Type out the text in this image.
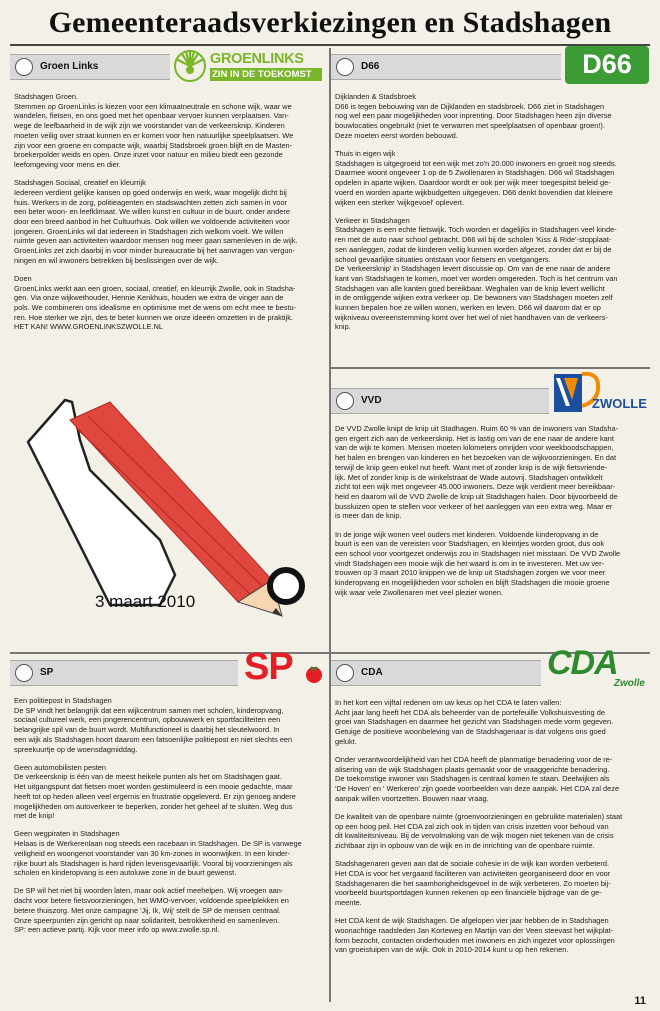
Gemeenteraadsverkiezingen en Stadshagen
Groen Links	GROENLINKS
ZIN IN DE TOEKOMST

Stadshagen Groen.
Stemmen op GroenLinks is kiezen voor een klimaatneutrale en schone wijk, waar we
wandelen, fietsen, en ons goed met het openbaar vervoer kunnen verplaatsen. Van-
wege de leefbaarheid in de wijk zijn we voorstander van de verkeersknip. Kinderen
moeten veilig over straat kunnen en er komen voor hen natuurlijke speelplaatsen. We
zijn voor een groene en compacte wijk, waarbij Stadsbroek groen blijft en de Masten-
broekerpolder weids en open. Onze inzet voor natuur en milieu biedt een gezonde
leefomgeving voor mens en dier.

Stadshagen Sociaal, creatief en kleurrijk
Iedereen verdient gelijke kansen op goed onderwijs en werk, waar mogelijk dicht bij
huis. Werkers in de zorg, politieagenten en stadswachten zetten zich samen in voor
een beter woon- en leefklimaat. We willen kunst en cultuur in de buurt, onder andere
door een breed aanbod in het Cultuurhuis. Ook willen we voldoende activiteiten voor
jongeren. GroenLinks wil dat iedereen in Stadshagen zich welkom voelt. We willen
ruimte geven aan activiteiten waardoor mensen nog meer gaan samenleven in de wijk.
GroenLinks zet zich daarbij in voor minder bureaucratie bij het aanvragen van vergun-
ningen en wil inwoners betrekken bij beslissingen over de wijk.

Doen
GroenLinks werkt aan een groen, sociaal, creatief, en kleurrijk Zwolle, ook in Stadsha-
gen. Via onze wijkwethouder, Hennie Kenkhuis, houden we extra de vinger aan de
pols. We combineren ons idealisme en optimisme met de wens om echt mee te bestu-
ren. Hoe sterker we zijn, des te beter kunnen we onze ideeën omzetten in de praktijk.
HET KAN! WWW.GROENLINKSZWOLLE.NL

D66	D66

Dijklanden & Stadsbroek
D66 is tegen bebouwing van de Dijklanden en stadsbroek. D66 ziet in Stadshagen
nog wel een paar mogelijkheden voor inprenting. Door Stadshagen heen zijn diverse
bouwlocaties ongebruikt (niet te verwarren met speelplaatsen of openbaar groen!).
Deze moeten eerst worden bebouwd.

Thuis in eigen wijk
Stadshagen is uitgegroeid tot een wijk met zo'n 20.000 inwoners en groeit nog steeds.
Daarmee woont ongeveer 1 op de 5 Zwollenaren in Stadshagen. D66 wil Stadshagen
opdelen in aparte wijken. Daardoor wordt er ook per wijk meer toegespitst beleid ge-
voerd en worden aparte wijkbudgetten uitgegeven. D66 denkt bovendien dat kleinere
wijken een sterker 'wijkgevoel' oplevert.

Verkeer in Stadshagen
Stadshagen is een echte fietswijk. Toch worden er dagelijks in Stadshagen veel kinde-
ren met de auto naar school gebracht. D66 wil bij de scholen 'Kiss & Ride'-stopplaat-
sen aanleggen, zodat de kinderen veilig kunnen worden afgezet, zonder dat er bij de
school gevaarlijke situaties ontstaan voor fietsers en voetgangers.
De 'verkeersknip' in Stadshagen levert discussie op. Om van de ene naar de andere
kant van Stadshagen te komen, moet ver worden omgereden. Toch is het centrum van
Stadshagen van alle kanten goed bereikbaar. Weghalen van de knip levert wellicht
in de omliggende wijken extra verkeer op. De bewoners van Stadshagen moeten zelf
kunnen bepalen hoe ze willen wonen, werken en leven. D66 wil daarom dat er op
wijkniveau overeenstemming komt over het wel of niet handhaven van de verkeers-
knip.

3 maart 2010
VVD	ZWOLLE

De VVD Zwolle knipt de knip uit Stadhagen. Ruim 60 % van de inwoners van Stadsha-
gen ergert zich aan de verkeersknip. Het is lastig om van de ene naar de andere kant
van de wijk te komen. Mensen moeten kilometers omrijden voor weekboodschappen,
het halen en brengen van kinderen en het bezoeken van de wijkvoorzieningen. En dat
terwijl de knip geen enkel nut heeft. Want met of zonder knip is de wijk fietsvriende-
lijk. Met of zonder knip is de winkelstraat de Wade autovrij. Stadshagen ontwikkelt
zicht tot een wijk met ongeveer 45.000 inwoners. Deze wijk verdient meer bereikbaar-
heid en daarom wil de VVD Zwolle de knip uit Stadshagen halen. Door bijvoorbeeld de
bussluizen open te stellen voor verkeer of het aanleggen van een extra weg. Maar er
is meer dan de knip.

In de jonge wijk wonen veel ouders met kinderen. Voldoende kinderopvang in de
buurt is een van de vereisten voor Stadshagen, en kleintjes worden groot, dus ook
een school voor voortgezet onderwijs zou in Stadshagen niet misstaan. De VVD Zwolle
vindt Stadshagen een mooie wijk die het waard is om in te investeren. Met uw ver-
trouwen op 3 maart 2010 knippen we de knip uit Stadshagen zorgen we voor meer
kinderopvang en mogelijkheden voor scholen en blijft Stadshagen die mooie groene
wijk waar vele Zwollenaren met veel plezier wonen.

SP	SP

Een politiepost in Stadshagen
De SP vindt het belangrijk dat een wijkcentrum samen met scholen, kinderopvang,
sociaal cultureel werk, een jongerencentrum, opbouwwerk en sportfaciliteiten een
belangrijke spil van de buurt wordt. Multifunctioneel is daarbij het sleutelwoord. In
een wijk als Stadshagen hoort daarom een fatsoenlijke politiepost en niet slechts een
spreekuurtje op de woensdagmiddag.

Geen automobilisten pesten
De verkeersknip is één van de meest heikele punten als het om Stadshagen gaat.
Het uitgangspunt dat fietsen moet worden gestimuleerd is een mooie gedachte, maar
heeft tot op heden alleen veel ergernis en frustratie opgeleverd. Er zijn genoeg andere
mogelijkheden om autoverkeer te beperken, zonder het geheel af te sluiten. Weg dus
met de knip!

Geen wegpiraten in Stadshagen
Helaas is de Werkerenlaan nog steeds een racebaan in Stadshagen. De SP is vanwege
veiligheid en woongenot voorstander van 30 km-zones in woonwijken. In een kinder-
rijke buurt als Stadshagen is hard rijden levensgevaarlijk. Vooral bij voorzieningen als
scholen en kinderopvang is een autoluwe zone in de buurt gewenst.

De SP wil het niet bij woorden laten, maar ook actief meehelpen. Wij vroegen aan-
dacht voor betere fietsvoorzieningen, het WMO-vervoer, voldoende speelplekken en
betere thuiszorg. Met onze campagne 'Jij, Ik, Wij' stelt de SP de mensen centraal.
Onze speerpunten zijn gericht op naar solidariteit, betrokkenheid en samenleven.
SP: een actieve partij. Kijk voor meer info op www.zwolle.sp.nl.

CDA	CDA
Zwolle

In het kort een vijftal redenen om uw keus op het CDA te laten vallen:
Acht jaar lang heeft het CDA als beheerder van de portefeuille Volkshuisvesting de
groei van Stadshagen en daarmee het gezicht van Stadshagen mede vorm gegeven.
Getuige de positieve woonbeleving van de Stadshagenaar is dat volgens ons goed
gelukt.

Onder verantwoordelijkheid van het CDA heeft de planmatige benadering voor de re-
alisering van de wijk Stadshagen plaats gemaakt voor de vraaggerichte benadering.
De toekomstige inwoner van Stadshagen is centraal komen te staan. Deelwijken als
'De Hoven' en ' Werkeren' zijn goede voorbeelden van deze aanpak. Het CDA zal deze
aanpak willen voortzetten. Bouwen naar vraag.

De kwaliteit van de openbare ruimte (groenvoorzieningen en gebruikte materialen) staat
op een hoog peil. Het CDA zal zich ook in tijden van crisis inzetten voor behoud van
dit kwaliteitsniveau. Bij de vervolmaking van de wijk mogen niet tekenen van de crisis
zichtbaar zijn in opbouw van de wijk en in de inrichting van de openbare ruimte.

Stadshagenaren geven aan dat de sociale cohesie in de wijk kan worden verbeterd.
Het CDA is voor het vergaand faciliteren van activiteiten georganiseerd door en voor
Stadshagenaren die het saamhorigheidsgevoel in de wijk verbeteren. Zo moeten bij-
voorbeeld buurtsportdagen kunnen rekenen op een financiële bijdrage van de ge-
meente.

Het CDA kent de wijk Stadshagen. De afgelopen vier jaar hebben de in Stadshagen
woonachtige raadsleden Jan Korteweg en Martijn van der Veen steevast het wijkplat-
form bezocht, contacten onderhouden met inwoners en zich ingezet voor oplossingen
van groeistuipen van de wijk. Ook in 2010-2014 kunt u op hen rekenen.

11
